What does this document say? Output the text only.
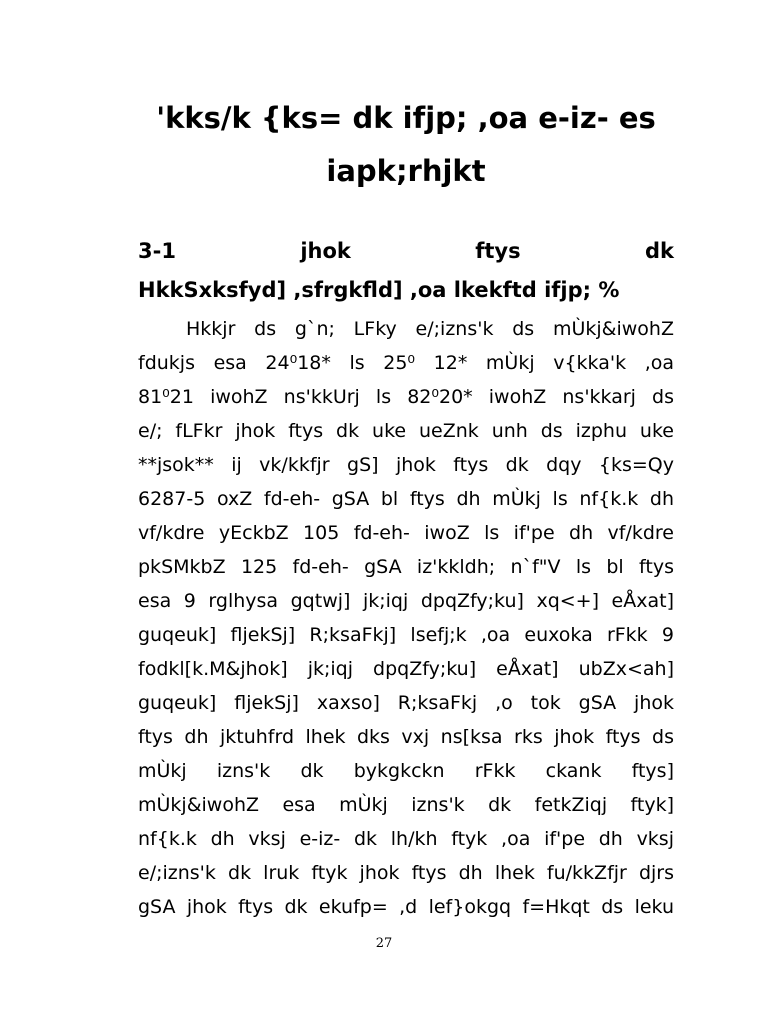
'kks/k {ks= dk ifjp; ,oa e-iz- es
iapk;rhjkt
3-1	jhok	ftys	dk
HkkSxksfyd] ,sfrgkfld] ,oa lkekftd ifjp; %
Hkkjr ds g`n; LFky e/;izns'k ds mÙkj&iwohZ
fdukjs esa 24⁰18* ls 25⁰ 12* mÙkj v{kka'k ,oa
81⁰21 iwohZ ns'kkUrj ls 82⁰20* iwohZ ns'kkarj ds
e/; fLFkr jhok ftys dk uke ueZnk unh ds izphu uke
**jsok** ij vk/kkfjr gS] jhok ftys dk dqy {ks=Qy
6287-5 oxZ fd-eh- gSA bl ftys dh mÙkj ls nf{k.k dh
vf/kdre yEckbZ 105 fd-eh- iwoZ ls if'pe dh vf/kdre
pkSMkbZ 125 fd-eh- gSA iz'kkldh; n`f"V ls bl ftys
esa 9 rglhysa gqtwj] jk;iqj dpqZfy;ku] xq<+] eÅxat]
guqeuk] fljekSj] R;ksaFkj] lsefj;k ,oa euxoka rFkk 9
fodkl[k.M&jhok] jk;iqj dpqZfy;ku] eÅxat] ubZx<ah]
guqeuk] fljekSj] xaxso] R;ksaFkj ,o tok gSA jhok
ftys dh jktuhfrd lhek dks vxj ns[ksa rks jhok ftys ds
mÙkj izns'k dk bykgkckn rFkk ckank ftys]
mÙkj&iwohZ esa mÙkj izns'k dk fetkZiqj ftyk]
nf{k.k dh vksj e-iz- dk lh/kh ftyk ,oa if'pe dh vksj
e/;izns'k dk lruk ftyk jhok ftys dh lhek fu/kkZfjr djrs
gSA jhok ftys dk ekufp= ,d lef}okgq f=Hkqt ds leku
27
